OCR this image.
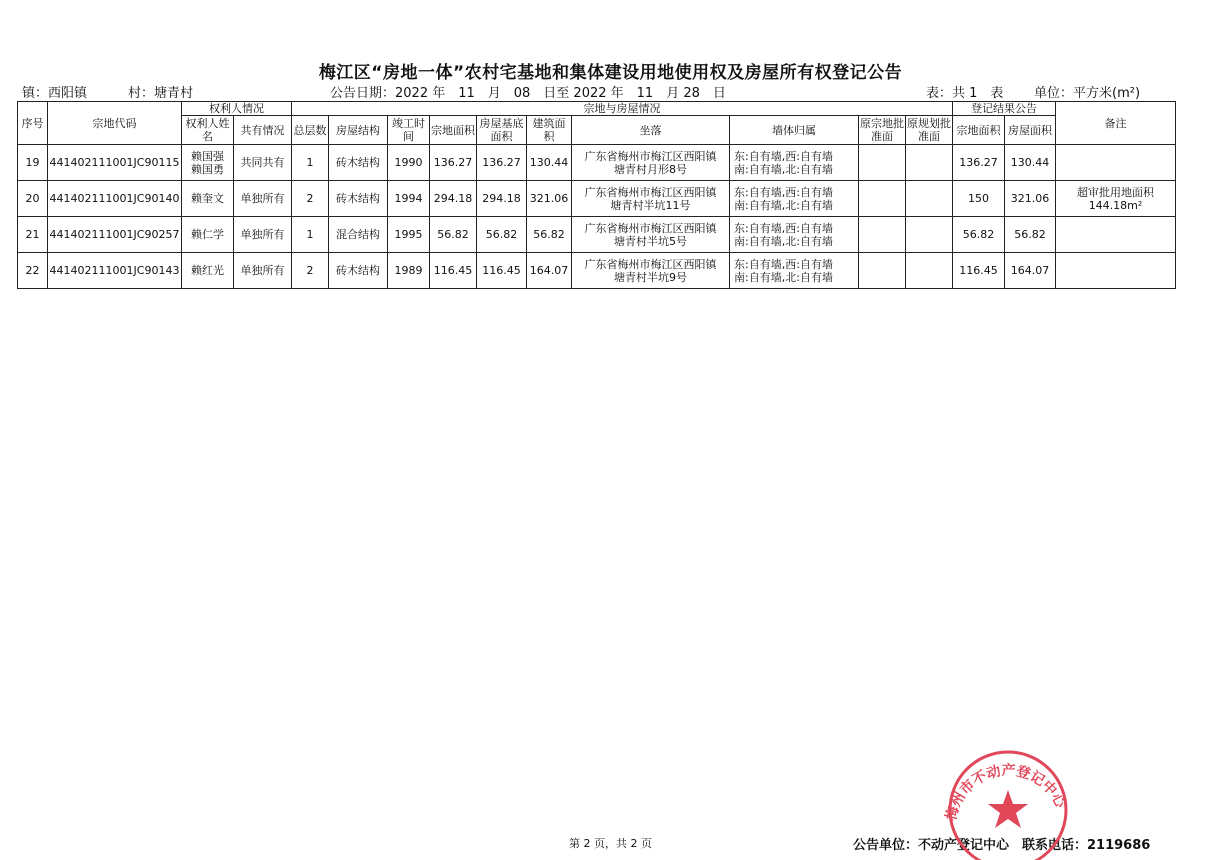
梅江区“房地一体”农村宅基地和集体建设用地使用权及房屋所有权登记公告
镇：西阳镇	村：塘青村	公告日期：2022 年　11　月　08　日至 2022 年　11　月 28　日	表：共 1　表 单位：平方米(m²)
序号	宗地代码	权利人情况		宗地与房屋情况										登记结果公告		备注
		权利人姓名	共有情况	总层数	房屋结构	竣工时间	宗地面积	房屋基底面积	建筑面积	坐落	墙体归属	原宗地批准面	原规划批准面	宗地面积	房屋面积	
19	441402111001JC90115	赖国强
赖国勇	共同共有	1	砖木结构	1990	136.27	136.27	130.44	广东省梅州市梅江区西阳镇
塘青村月形8号	东:自有墙,西:自有墙
南:自有墙,北:自有墙			136.27	130.44	
20	441402111001JC90140	赖奎文	单独所有	2	砖木结构	1994	294.18	294.18	321.06	广东省梅州市梅江区西阳镇
塘青村半坑11号	东:自有墙,西:自有墙
南:自有墙,北:自有墙			150	321.06	超审批用地面积
144.18m²
21	441402111001JC90257	赖仁学	单独所有	1	混合结构	1995	56.82	56.82	56.82	广东省梅州市梅江区西阳镇
塘青村半坑5号	东:自有墙,西:自有墙
南:自有墙,北:自有墙			56.82	56.82	
22	441402111001JC90143	赖红光	单独所有	2	砖木结构	1989	116.45	116.45	164.07	广东省梅州市梅江区西阳镇
塘青村半坑9号	东:自有墙,西:自有墙
南:自有墙,北:自有墙			116.45	164.07	
第 2 页，共 2 页	公告单位：不动产登记中心　联系电话：2119686
梅州市不动产登记中心
